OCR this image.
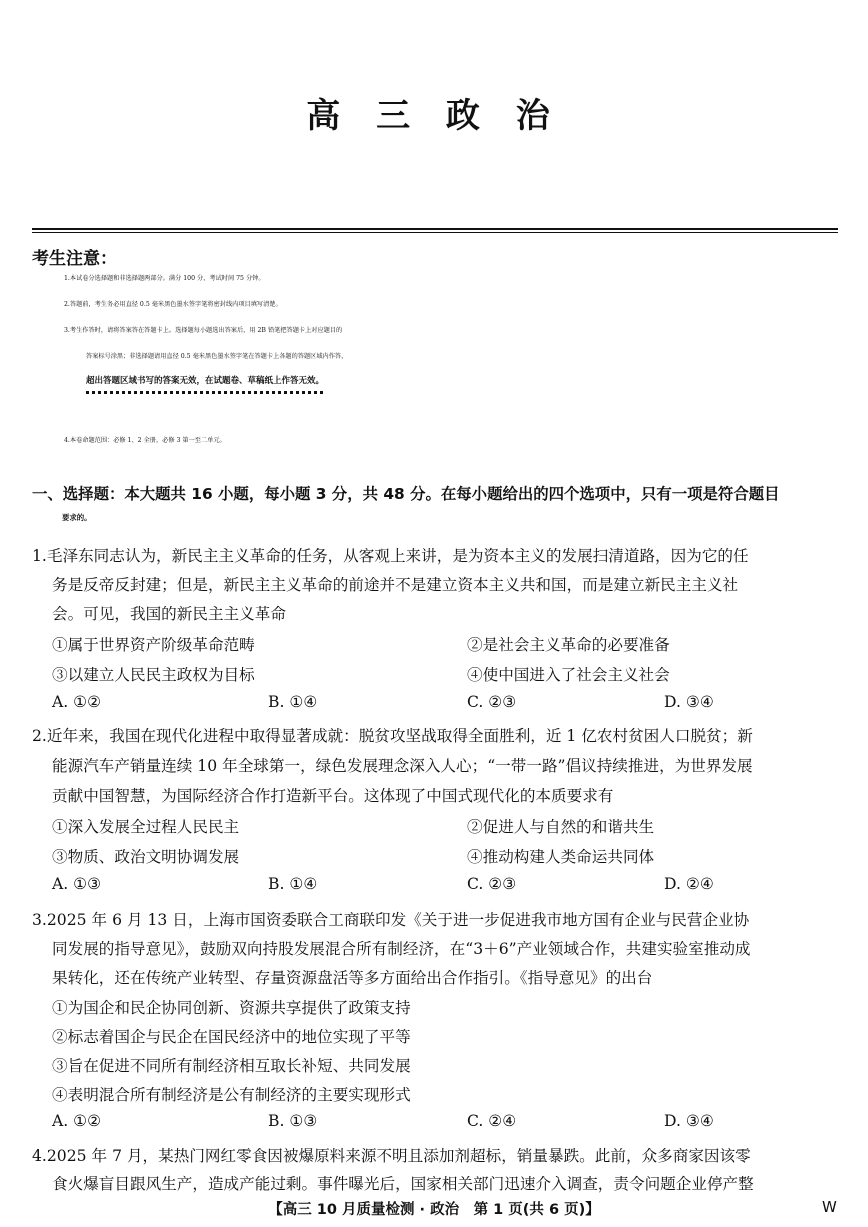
高 三 政 治
考生注意：
1.本试卷分选择题和非选择题两部分。满分 100 分，考试时间 75 分钟。
2.答题前，考生务必用直径 0.5 毫米黑色墨水签字笔将密封线内项目填写清楚。
3.考生作答时，请将答案答在答题卡上。选择题每小题选出答案后，用 2B 铅笔把答题卡上对应题目的
答案标号涂黑；非选择题请用直径 0.5 毫米黑色墨水签字笔在答题卡上各题的答题区域内作答，
超出答题区域书写的答案无效，在试题卷、草稿纸上作答无效。
4.本卷命题范围：必修 1、2 全册，必修 3 第一至二单元。
一、选择题：本大题共 16 小题，每小题 3 分，共 48 分。在每小题给出的四个选项中，只有一项是符合题目
要求的。
1.毛泽东同志认为，新民主主义革命的任务，从客观上来讲，是为资本主义的发展扫清道路，因为它的任
务是反帝反封建；但是，新民主主义革命的前途并不是建立资本主义共和国，而是建立新民主主义社
会。可见，我国的新民主主义革命
①属于世界资产阶级革命范畴	②是社会主义革命的必要准备
③以建立人民民主政权为目标	④使中国进入了社会主义社会
A. ①②	B. ①④	C. ②③	D. ③④
2.近年来，我国在现代化进程中取得显著成就：脱贫攻坚战取得全面胜利，近 1 亿农村贫困人口脱贫；新
能源汽车产销量连续 10 年全球第一，绿色发展理念深入人心；“一带一路”倡议持续推进，为世界发展
贡献中国智慧，为国际经济合作打造新平台。这体现了中国式现代化的本质要求有
①深入发展全过程人民民主	②促进人与自然的和谐共生
③物质、政治文明协调发展	④推动构建人类命运共同体
A. ①③	B. ①④	C. ②③	D. ②④
3.2025 年 6 月 13 日，上海市国资委联合工商联印发《关于进一步促进我市地方国有企业与民营企业协
同发展的指导意见》，鼓励双向持股发展混合所有制经济，在“3＋6”产业领域合作，共建实验室推动成
果转化，还在传统产业转型、存量资源盘活等多方面给出合作指引。《指导意见》的出台
①为国企和民企协同创新、资源共享提供了政策支持
②标志着国企与民企在国民经济中的地位实现了平等
③旨在促进不同所有制经济相互取长补短、共同发展
④表明混合所有制经济是公有制经济的主要实现形式
A. ①②	B. ①③	C. ②④	D. ③④
4.2025 年 7 月，某热门网红零食因被爆原料来源不明且添加剂超标，销量暴跌。此前，众多商家因该零
食火爆盲目跟风生产，造成产能过剩。事件曝光后，国家相关部门迅速介入调查，责令问题企业停产整
【高三 10 月质量检测 · 政治　第 1 页(共 6 页)】	W
